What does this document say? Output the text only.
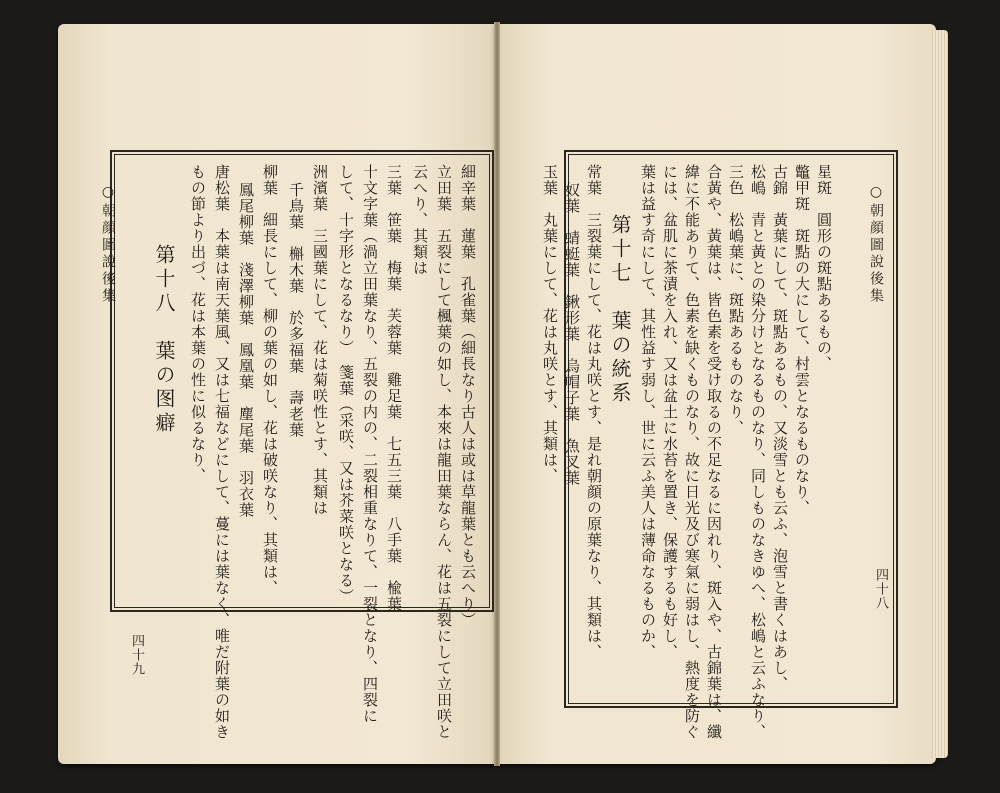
○朝顔圖說後集
四十九
細辛葉　蓮葉　孔雀葉（細長なり古人は或は草龍葉とも云へり）
立田葉　五裂にして楓葉の如し、本來は龍田葉ならん、花は五裂にして立田咲と
云へり、其類は
三葉　笹葉　梅葉　芙蓉葉　雞足葉　七五三葉　八手葉　楡葉
十文字葉（渦立田葉なり、五裂の内の、二裂相重なりて、一裂となり、四裂に
して、十字形となるなり）　箋葉（采咲、又は芥菜咲となる）
洲濱葉　三國葉にして、花は菊咲性とす、其類は
千鳥葉　槲木葉　於多福葉　壽老葉
柳葉　細長にして、柳の葉の如し、花は破咲なり、其類は、
鳳尾柳葉　淺澤柳葉　鳳凰葉　塵尾葉　羽衣葉
唐松葉　本葉は南天葉風、又は七福などにして、蔓には葉なく、唯だ附葉の如き
もの節より出づ、花は本葉の性に似るなり、
第十八　葉の图癖	○朝顔圖說後集
四十八
星斑　圓形の斑點あるもの、
鼈甲斑　斑點の大にして、村雲となるものなり、
古錦　黃葉にして、斑點あるもの、又淡雪とも云ふ、泡雪と書くはあし、
松嶋　青と黃との染分けとなるものなり、同しものなきゆへ、松嶋と云ふなり、
三色　松嶋葉に、斑點あるものなり、
合黃や、黃葉は、皆色素を受け取るの不足なるに因れり、斑入や、古錦葉は、纖
緯に不能ありて、色素を缺くものなり、故に日光及び寒氣に弱はし、熱度を防ぐ
には、盆肌に茶漬を入れ、又は盆土に水苔を置き、保護するも好し、
葉は益す奇にして、其性益す弱し、世に云ふ美人は薄命なるものか、
第十七　葉の統系
常葉　三裂葉にして、花は丸咲とす、是れ朝顔の原葉なり、其類は、
奴葉　蜻蜓葉　鍬形葉　烏帽子葉　魚叉葉
玉葉　丸葉にして、花は丸咲とす、其類は、
